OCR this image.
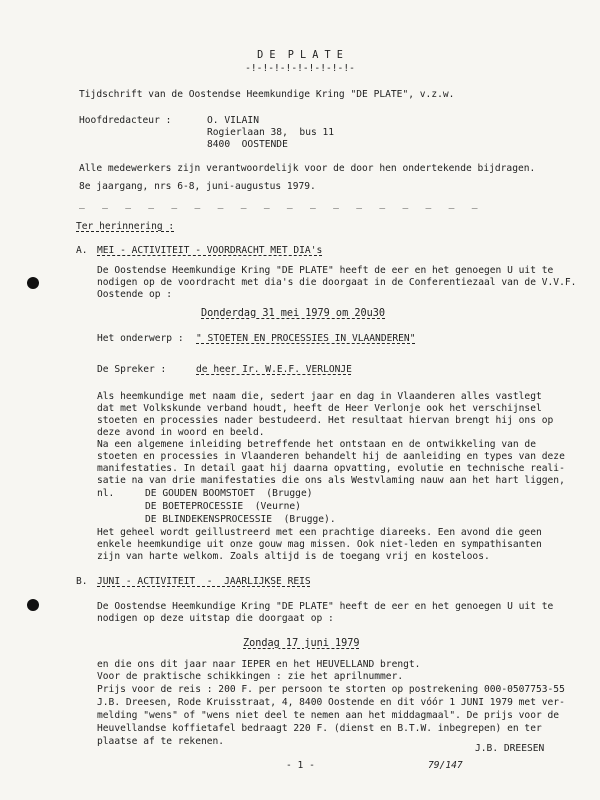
D E  P L A T E
-!-!-!-!-!-!-!-!-!-
Tijdschrift van de Oostendse Heemkundige Kring "DE PLATE", v.z.w.
Hoofdredacteur :	O. VILAIN
Rogierlaan 38,  bus 11
8400  OOSTENDE
Alle medewerkers zijn verantwoordelijk voor de door hen ondertekende bijdragen.
8e jaargang, nrs 6-8, juni-augustus 1979.
_   _   _   _   _   _   _   _   _   _   _   _   _   _   _   _   _   _
Ter herinnering :
A. MEI - ACTIVITEIT - VOORDRACHT MET DIA's
De Oostendse Heemkundige Kring "DE PLATE" heeft de eer en het genoegen U uit te
nodigen op de voordracht met dia's die doorgaat in de Conferentiezaal van de V.V.F.
Oostende op :
Donderdag 31 mei 1979 om 20u30
Het onderwerp : " STOETEN EN PROCESSIES IN VLAANDEREN"
De Spreker :	de heer Ir. W.E.F. VERLONJE
Als heemkundige met naam die, sedert jaar en dag in Vlaanderen alles vastlegt
dat met Volkskunde verband houdt, heeft de Heer Verlonje ook het verschijnsel
stoeten en processies nader bestudeerd. Het resultaat hiervan brengt hij ons op
deze avond in woord en beeld.
Na een algemene inleiding betreffende het ontstaan en de ontwikkeling van de
stoeten en processies in Vlaanderen behandelt hij de aanleiding en types van deze
manifestaties. In detail gaat hij daarna opvatting, evolutie en technische reali-
satie na van drie manifestaties die ons als Westvlaming nauw aan het hart liggen,
nl.	DE GOUDEN BOOMSTOET  (Brugge)
DE BOETEPROCESSIE  (Veurne)
DE BLINDEKENSPROCESSIE  (Brugge).
Het geheel wordt geillustreerd met een prachtige diareeks. Een avond die geen
enkele heemkundige uit onze gouw mag missen. Ook niet-leden en sympathisanten
zijn van harte welkom. Zoals altijd is de toegang vrij en kosteloos.
B. JUNI - ACTIVITEIT  -  JAARLIJKSE REIS
De Oostendse Heemkundige Kring "DE PLATE" heeft de eer en het genoegen U uit te
nodigen op deze uitstap die doorgaat op :
Zondag 17 juni 1979
en die ons dit jaar naar IEPER en het HEUVELLAND brengt.
Voor de praktische schikkingen : zie het aprilnummer.
Prijs voor de reis : 200 F. per persoon te storten op postrekening 000-0507753-55
J.B. Dreesen, Rode Kruisstraat, 4, 8400 Oostende en dit vóór 1 JUNI 1979 met ver-
melding "wens" of "wens niet deel te nemen aan het middagmaal". De prijs voor de
Heuvellandse koffietafel bedraagt 220 F. (dienst en B.T.W. inbegrepen) en ter
plaatse af te rekenen.
J.B. DREESEN
- 1 -	79/147
